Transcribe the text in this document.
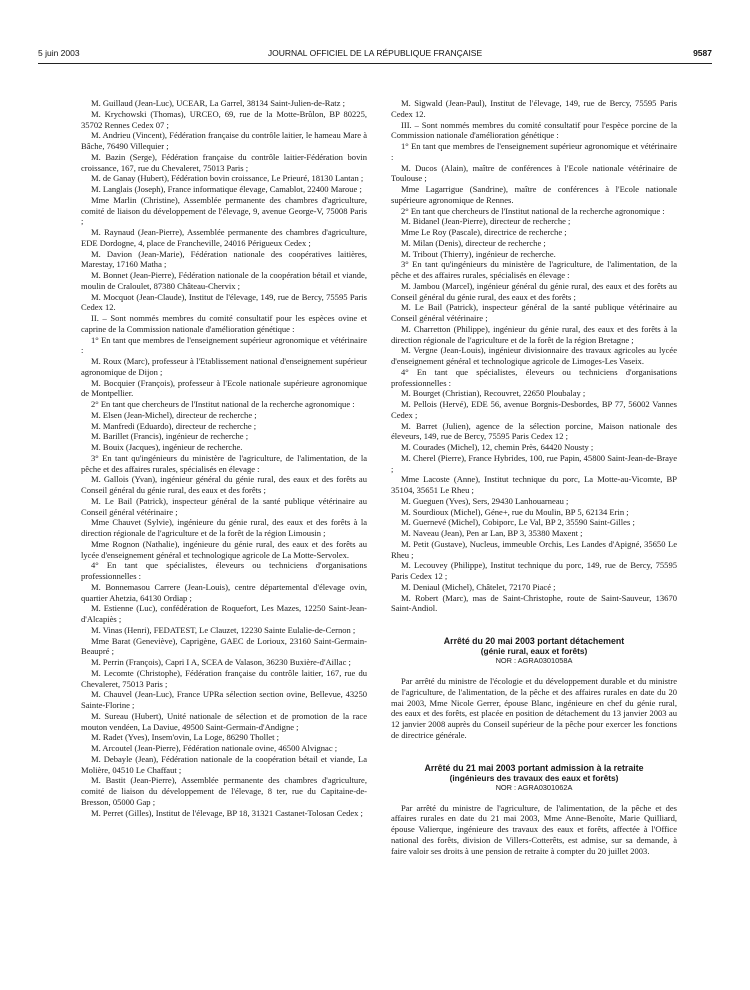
5 juin 2003	JOURNAL OFFICIEL DE LA RÉPUBLIQUE FRANÇAISE	9587

M. Guillaud (Jean-Luc), UCEAR, La Garrel, 38134 Saint-Julien-de-Ratz ;

M. Krychowski (Thomas), URCEO, 69, rue de la Motte-Brûlon, BP 80225, 35702 Rennes Cedex 07 ;

M. Andrieu (Vincent), Fédération française du contrôle laitier, le hameau Mare à Bâche, 76490 Villequier ;

M. Bazin (Serge), Fédération française du contrôle laitier-Fédération bovin croissance, 167, rue du Chevaleret, 75013 Paris ;

M. de Ganay (Hubert), Fédération bovin croissance, Le Prieuré, 18130 Lantan ;

M. Langlais (Joseph), France informatique élevage, Camablot, 22400 Maroue ;

Mme Marlin (Christine), Assemblée permanente des chambres d'agriculture, comité de liaison du développement de l'élevage, 9, avenue George-V, 75008 Paris ;

M. Raynaud (Jean-Pierre), Assemblée permanente des chambres d'agriculture, EDE Dordogne, 4, place de Francheville, 24016 Périgueux Cedex ;

M. Davion (Jean-Marie), Fédération nationale des coopératives laitières, Marestay, 17160 Matha ;

M. Bonnet (Jean-Pierre), Fédération nationale de la coopération bétail et viande, moulin de Craloulet, 87380 Château-Chervix ;

M. Mocquot (Jean-Claude), Institut de l'élevage, 149, rue de Bercy, 75595 Paris Cedex 12.

II. – Sont nommés membres du comité consultatif pour les espèces ovine et caprine de la Commission nationale d'amélioration génétique :

1° En tant que membres de l'enseignement supérieur agronomique et vétérinaire :

M. Roux (Marc), professeur à l'Etablissement national d'enseignement supérieur agronomique de Dijon ;

M. Bocquier (François), professeur à l'Ecole nationale supérieure agronomique de Montpellier.

2° En tant que chercheurs de l'Institut national de la recherche agronomique :

M. Elsen (Jean-Michel), directeur de recherche ;

M. Manfredi (Eduardo), directeur de recherche ;

M. Barillet (Francis), ingénieur de recherche ;

M. Bouix (Jacques), ingénieur de recherche.

3° En tant qu'ingénieurs du ministère de l'agriculture, de l'alimentation, de la pêche et des affaires rurales, spécialisés en élevage :

M. Gallois (Yvan), ingénieur général du génie rural, des eaux et des forêts au Conseil général du génie rural, des eaux et des forêts ;

M. Le Bail (Patrick), inspecteur général de la santé publique vétérinaire au Conseil général vétérinaire ;

Mme Chauvet (Sylvie), ingénieure du génie rural, des eaux et des forêts à la direction régionale de l'agriculture et de la forêt de la région Limousin ;

Mme Rognon (Nathalie), ingénieure du génie rural, des eaux et des forêts au lycée d'enseignement général et technologique agricole de La Motte-Servolex.

4° En tant que spécialistes, éleveurs ou techniciens d'organisations professionnelles :

M. Bonnemasou Carrere (Jean-Louis), centre départemental d'élevage ovin, quartier Ahetzia, 64130 Ordiap ;

M. Estienne (Luc), confédération de Roquefort, Les Mazes, 12250 Saint-Jean-d'Alcapiès ;

M. Vinas (Henri), FEDATEST, Le Clauzet, 12230 Sainte Eulalie-de-Cernon ;

Mme Barat (Geneviève), Caprigène, GAEC de Lorioux, 23160 Saint-Germain-Beaupré ;

M. Perrin (François), Capri I A, SCEA de Valason, 36230 Buxière-d'Aillac ;

M. Lecomte (Christophe), Fédération française du contrôle laitier, 167, rue du Chevaleret, 75013 Paris ;

M. Chauvel (Jean-Luc), France UPRa sélection section ovine, Bellevue, 43250 Sainte-Florine ;

M. Sureau (Hubert), Unité nationale de sélection et de promotion de la race mouton vendéen, La Daviue, 49500 Saint-Germain-d'Andigne ;

M. Radet (Yves), Insem'ovin, La Loge, 86290 Thollet ;

M. Arcoutel (Jean-Pierre), Fédération nationale ovine, 46500 Alvignac ;

M. Debayle (Jean), Fédération nationale de la coopération bétail et viande, La Molière, 04510 Le Chaffaut ;

M. Bastit (Jean-Pierre), Assemblée permanente des chambres d'agriculture, comité de liaison du développement de l'élevage, 8 ter, rue du Capitaine-de-Bresson, 05000 Gap ;

M. Perret (Gilles), Institut de l'élevage, BP 18, 31321 Castanet-Tolosan Cedex ;

M. Sigwald (Jean-Paul), Institut de l'élevage, 149, rue de Bercy, 75595 Paris Cedex 12.

III. – Sont nommés membres du comité consultatif pour l'espèce porcine de la Commission nationale d'amélioration génétique :

1° En tant que membres de l'enseignement supérieur agronomique et vétérinaire :

M. Ducos (Alain), maître de conférences à l'Ecole nationale vétérinaire de Toulouse ;

Mme Lagarrigue (Sandrine), maître de conférences à l'Ecole nationale supérieure agronomique de Rennes.

2° En tant que chercheurs de l'Institut national de la recherche agronomique :

M. Bidanel (Jean-Pierre), directeur de recherche ;

Mme Le Roy (Pascale), directrice de recherche ;

M. Milan (Denis), directeur de recherche ;

M. Tribout (Thierry), ingénieur de recherche.

3° En tant qu'ingénieurs du ministère de l'agriculture, de l'alimentation, de la pêche et des affaires rurales, spécialisés en élevage :

M. Jambou (Marcel), ingénieur général du génie rural, des eaux et des forêts au Conseil général du génie rural, des eaux et des forêts ;

M. Le Bail (Patrick), inspecteur général de la santé publique vétérinaire au Conseil général vétérinaire ;

M. Charretton (Philippe), ingénieur du génie rural, des eaux et des forêts à la direction régionale de l'agriculture et de la forêt de la région Bretagne ;

M. Vergne (Jean-Louis), ingénieur divisionnaire des travaux agricoles au lycée d'enseignement général et technologique agricole de Limoges-Les Vaseix.

4° En tant que spécialistes, éleveurs ou techniciens d'organisations professionnelles :

M. Bourget (Christian), Recouvret, 22650 Ploubalay ;

M. Pellois (Hervé), EDE 56, avenue Borgnis-Desbordes, BP 77, 56002 Vannes Cedex ;

M. Barret (Julien), agence de la sélection porcine, Maison nationale des éleveurs, 149, rue de Bercy, 75595 Paris Cedex 12 ;

M. Courades (Michel), 12, chemin Près, 64420 Nousty ;

M. Cherel (Pierre), France Hybrides, 100, rue Papin, 45800 Saint-Jean-de-Braye ;

Mme Lacoste (Anne), Institut technique du porc, La Motte-au-Vicomte, BP 35104, 35651 Le Rheu ;

M. Gueguen (Yves), Sers, 29430 Lanhouarneau ;

M. Sourdioux (Michel), Géne+, rue du Moulin, BP 5, 62134 Erin ;

M. Guernevé (Michel), Cobiporc, Le Val, BP 2, 35590 Saint-Gilles ;

M. Naveau (Jean), Pen ar Lan, BP 3, 35380 Maxent ;

M. Petit (Gustave), Nucleus, immeuble Orchis, Les Landes d'Apigné, 35650 Le Rheu ;

M. Lecouvey (Philippe), Institut technique du porc, 149, rue de Bercy, 75595 Paris Cedex 12 ;

M. Deniaul (Michel), Châtelet, 72170 Piacé ;

M. Robert (Marc), mas de Saint-Christophe, route de Saint-Sauveur, 13670 Saint-Andiol.

Arrêté du 20 mai 2003 portant détachement

(génie rural, eaux et forêts)

NOR : AGRA0301058A

Par arrêté du ministre de l'écologie et du développement durable et du ministre de l'agriculture, de l'alimentation, de la pêche et des affaires rurales en date du 20 mai 2003, Mme Nicole Gerrer, épouse Blanc, ingénieure en chef du génie rural, des eaux et des forêts, est placée en position de détachement du 13 janvier 2003 au 12 janvier 2008 auprès du Conseil supérieur de la pêche pour exercer les fonctions de directrice générale.

Arrêté du 21 mai 2003 portant admission à la retraite

(ingénieurs des travaux des eaux et forêts)

NOR : AGRA0301062A

Par arrêté du ministre de l'agriculture, de l'alimentation, de la pêche et des affaires rurales en date du 21 mai 2003, Mme Anne-Benoîte, Marie Quilliard, épouse Valierque, ingénieure des travaux des eaux et forêts, affectée à l'Office national des forêts, division de Villers-Cotterêts, est admise, sur sa demande, à faire valoir ses droits à une pension de retraite à compter du 20 juillet 2003.
